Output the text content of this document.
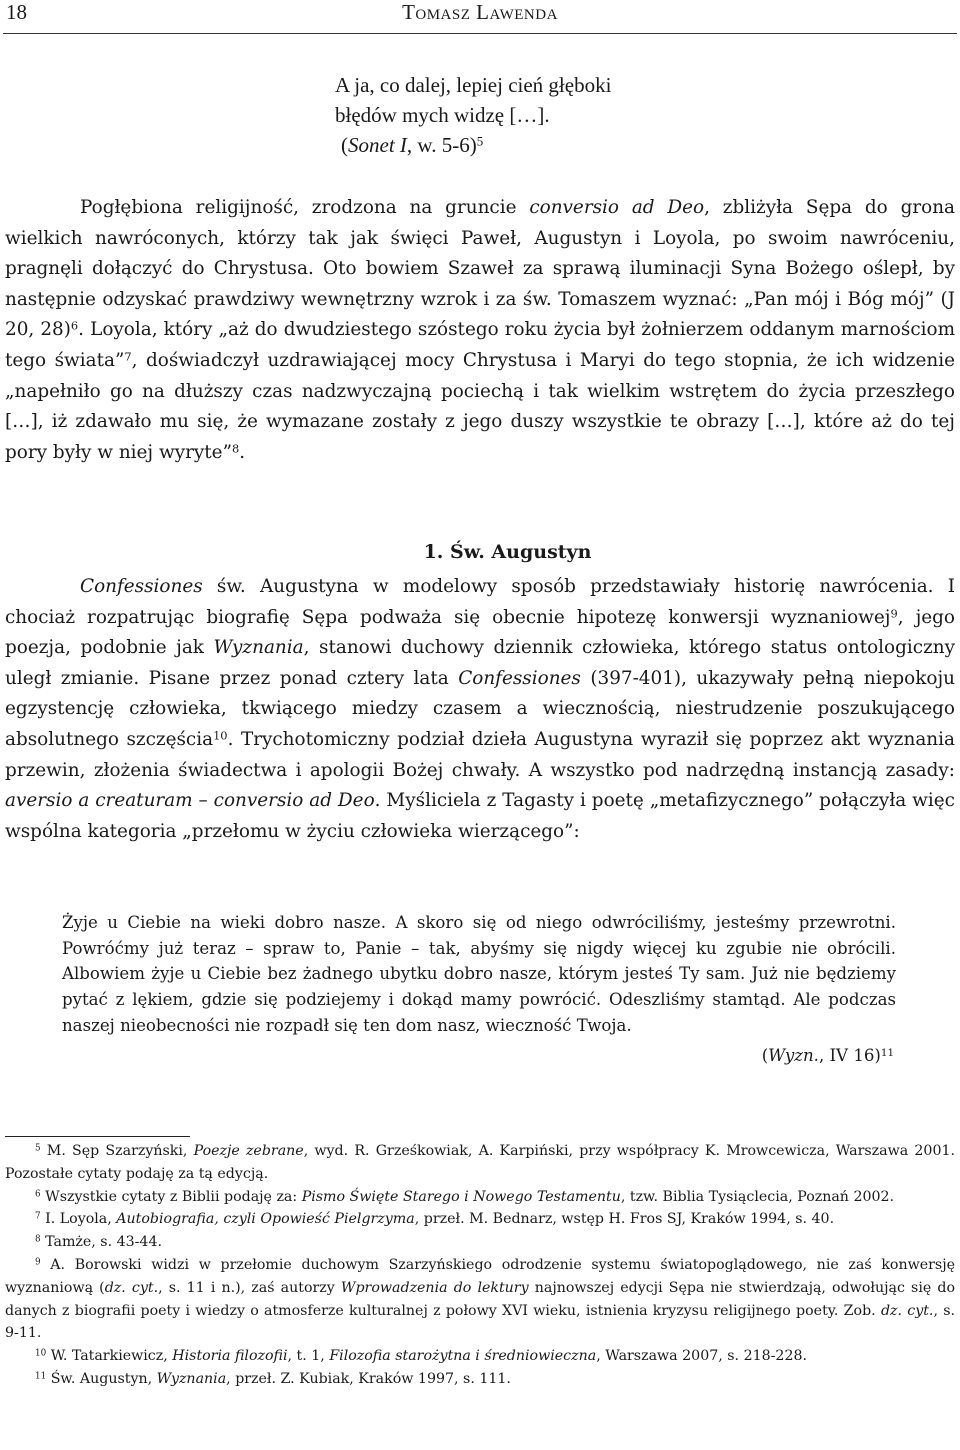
18	Tomasz Lawenda
A ja, co dalej, lepiej cień głęboki
błędów mych widzę […].
(Sonet I, w. 5-6)$^5$

Pogłębiona religijność, zrodzona na gruncie conversio ad Deo, zbliżyła Sępa do grona wielkich nawróconych, którzy tak jak święci Paweł, Augustyn i Loyola, po swoim nawróceniu, pragnęli dołączyć do Chrystusa. Oto bowiem Szaweł za sprawą iluminacji Syna Bożego oślepł, by następnie odzyskać prawdziwy wewnętrzny wzrok i za św. Tomaszem wyznać: „Pan mój i Bóg mój” (J 20, 28)$^6$. Loyola, który „aż do dwudziestego szóstego roku życia był żołnierzem oddanym marnościom tego świata”$^7$, doświadczył uzdrawiającej mocy Chrystusa i Maryi do tego stopnia, że ich widzenie „napełniło go na dłuższy czas nadzwyczajną pociechą i tak wielkim wstrętem do życia przeszłego […], iż zdawało mu się, że wymazane zostały z jego duszy wszystkie te obrazy […], które aż do tej pory były w niej wyryte”$^8$.

1. Św. Augustyn

Confessiones św. Augustyna w modelowy sposób przedstawiały historię nawrócenia. I chociaż rozpatrując biografię Sępa podważa się obecnie hipotezę konwersji wyznaniowej$^9$, jego poezja, podobnie jak Wyznania, stanowi duchowy dziennik człowieka, którego status ontologiczny uległ zmianie. Pisane przez ponad cztery lata Confessiones (397-401), ukazywały pełną niepokoju egzystencję człowieka, tkwiącego miedzy czasem a wiecznością, niestrudzenie poszukującego absolutnego szczęścia$^{10}$. Trychotomiczny podział dzieła Augustyna wyraził się poprzez akt wyznania przewin, złożenia świadectwa i apologii Bożej chwały. A wszystko pod nadrzędną instancją zasady: aversio a creaturam – conversio ad Deo. Myśliciela z Tagasty i poetę „metafizycznego” połączyła więc wspólna kategoria „przełomu w życiu człowieka wierzącego”:

Żyje u Ciebie na wieki dobro nasze. A skoro się od niego odwróciliśmy, jesteśmy przewrotni. Powróćmy już teraz – spraw to, Panie – tak, abyśmy się nigdy więcej ku zgubie nie obrócili. Albowiem żyje u Ciebie bez żadnego ubytku dobro nasze, którym jesteś Ty sam. Już nie będziemy pytać z lękiem, gdzie się podziejemy i dokąd mamy powrócić. Odeszliśmy stamtąd. Ale podczas naszej nieobecności nie rozpadł się ten dom nasz, wieczność Twoja.

(Wyzn., IV 16)$^{11}$

$^5$ M. Sęp Szarzyński, Poezje zebrane, wyd. R. Grześkowiak, A. Karpiński, przy współpracy K. Mrowcewicza, Warszawa 2001. Pozostałe cytaty podaję za tą edycją.

$^6$ Wszystkie cytaty z Biblii podaję za: Pismo Święte Starego i Nowego Testamentu, tzw. Biblia Tysiąclecia, Poznań 2002.

$^7$ I. Loyola, Autobiografia, czyli Opowieść Pielgrzyma, przeł. M. Bednarz, wstęp H. Fros SJ, Kraków 1994, s. 40.

$^8$ Tamże, s. 43-44.

$^9$ A. Borowski widzi w przełomie duchowym Szarzyńskiego odrodzenie systemu światopoglądowego, nie zaś konwersję wyznaniową (dz. cyt., s. 11 i n.), zaś autorzy Wprowadzenia do lektury najnowszej edycji Sępa nie stwierdzają, odwołując się do danych z biografii poety i wiedzy o atmosferze kulturalnej z połowy XVI wieku, istnienia kryzysu religijnego poety. Zob. dz. cyt., s. 9-11.

$^{10}$ W. Tatarkiewicz, Historia filozofii, t. 1, Filozofia starożytna i średniowieczna, Warszawa 2007, s. 218-228.

$^{11}$ Św. Augustyn, Wyznania, przeł. Z. Kubiak, Kraków 1997, s. 111.
